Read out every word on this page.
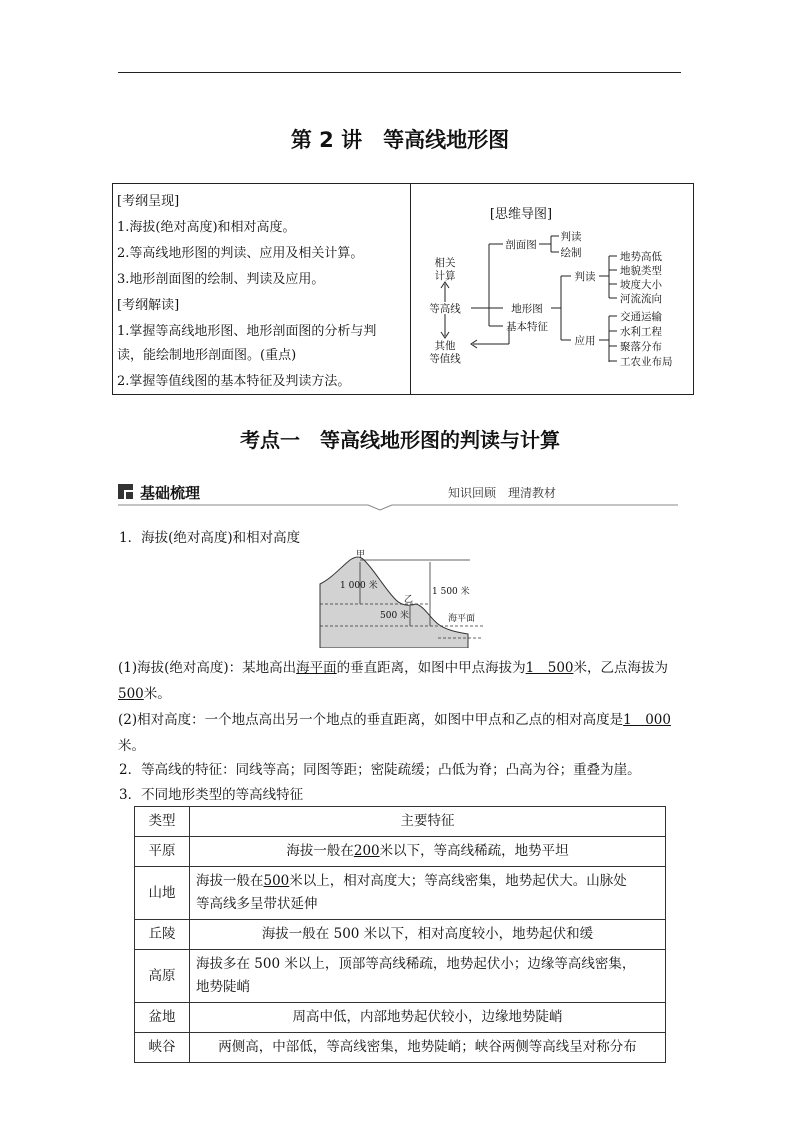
第 2 讲　等高线地形图
[考纲呈现]
1.海拔(绝对高度)和相对高度。
2.等高线地形图的判读、应用及相关计算。
3.地形剖面图的绘制、判读及应用。
[考纲解读]
1.掌握等高线地形图、地形剖面图的分析与判
读，能绘制地形剖面图。(重点)
2.掌握等值线图的基本特征及判读方法。
[思维导图]
相关
计算
等高线
其他
等值线
剖面图
判读
绘制
地形图
基本特征
判读
应用
地势高低
地貌类型
坡度大小
河流流向
交通运输
水利工程
聚落分布
工农业布局
考点一　等高线地形图的判读与计算
基础梳理	知识回顾　理清教材
1．海拔(绝对高度)和相对高度
甲
乙
1 000 米
1 500 米
500 米	海平面
(1)海拔(绝对高度)：某地高出海平面的垂直距离，如图中甲点海拔为1　500米，乙点海拔为
500米。
(2)相对高度：一个地点高出另一个地点的垂直距离，如图中甲点和乙点的相对高度是1　000
米。
2．等高线的特征：同线等高；同图等距；密陡疏缓；凸低为脊；凸高为谷；重叠为崖。
3．不同地形类型的等高线特征
类型	主要特征
平原	海拔一般在200米以下，等高线稀疏，地势平坦
山地	海拔一般在500米以上，相对高度大；等高线密集，地势起伏大。山脉处
等高线多呈带状延伸
丘陵	海拔一般在 500 米以下，相对高度较小，地势起伏和缓
高原	海拔多在 500 米以上，顶部等高线稀疏，地势起伏小；边缘等高线密集，
地势陡峭
盆地	周高中低，内部地势起伏较小，边缘地势陡峭
峡谷	两侧高，中部低，等高线密集，地势陡峭；峡谷两侧等高线呈对称分布
